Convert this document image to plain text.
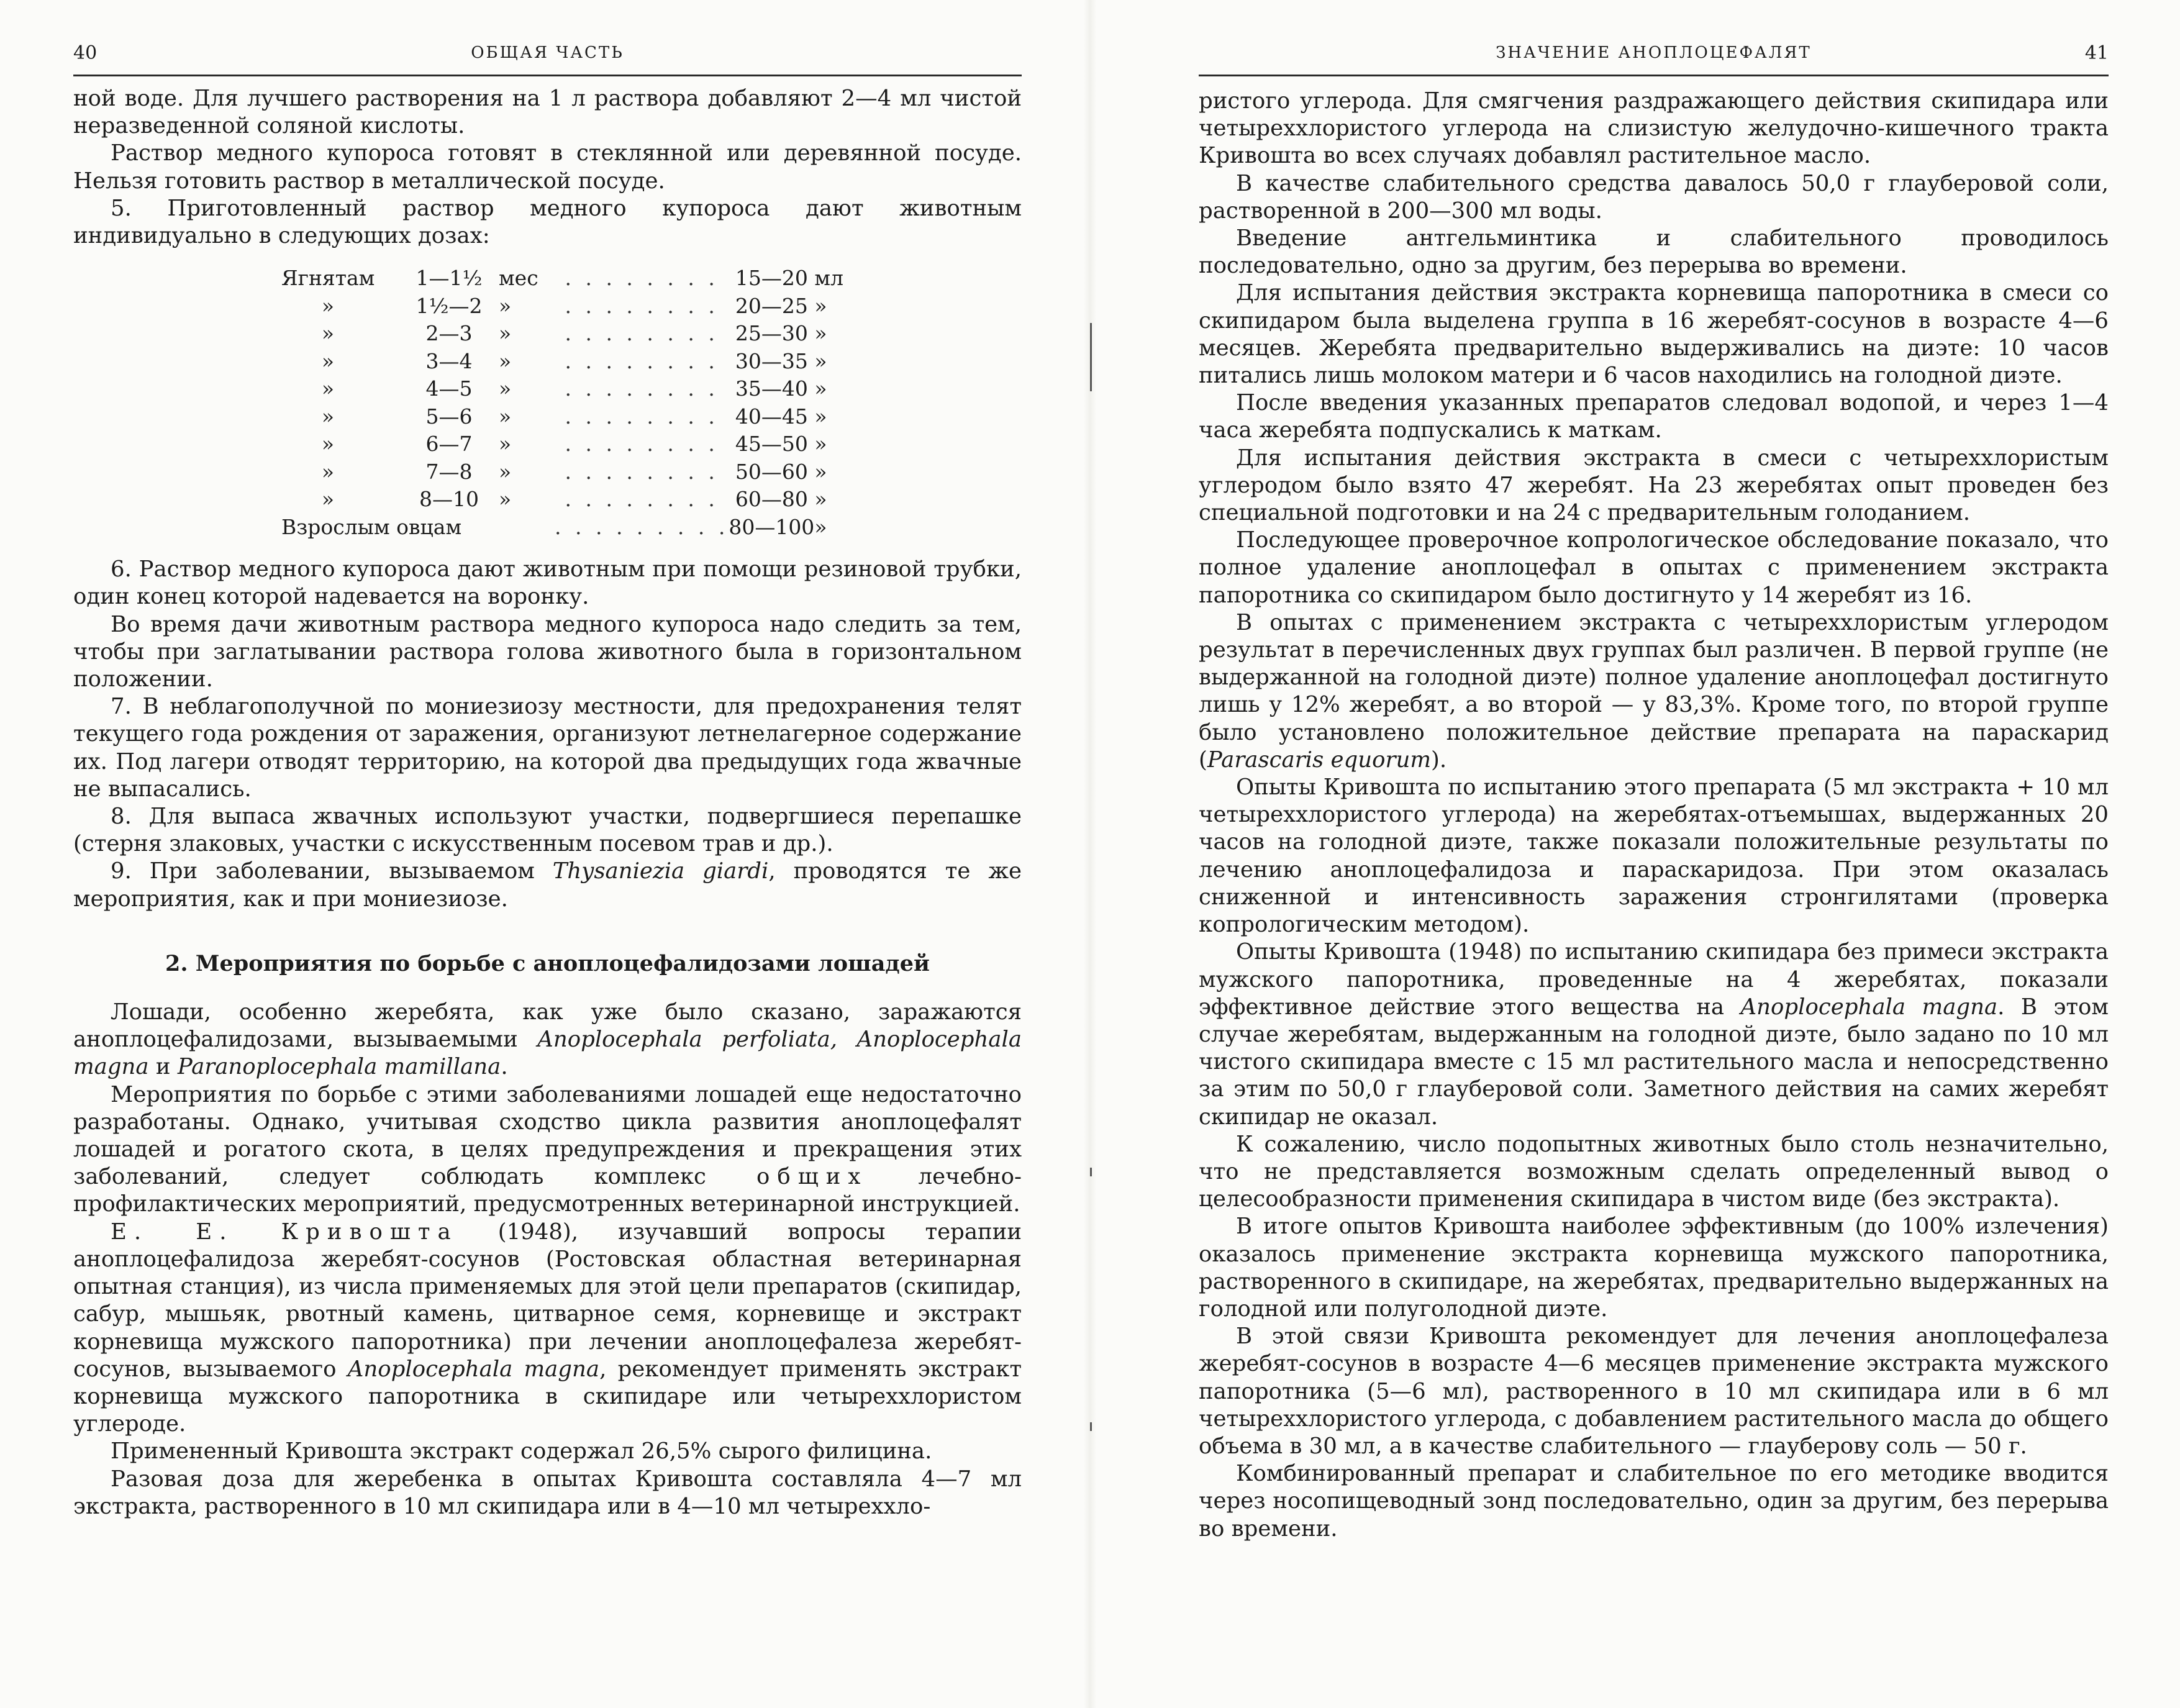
40	ОБЩАЯ ЧАСТЬ

ной воде. Для лучшего растворения на 1 л раствора добавляют 2—4 мл чистой неразведенной соляной кислоты.

Раствор медного купороса готовят в стеклянной или деревянной посуде. Нельзя готовить раствор в металлической посуде.

5. Приготовленный раствор медного купороса дают животным индивидуально в следующих дозах:

Ягнятам	1—1½	мес	. . . . . . . .	15—20	мл
»	1½—2	»	. . . . . . . .	20—25	»
»	2—3	»	. . . . . . . .	25—30	»
»	3—4	»	. . . . . . . .	30—35	»
»	4—5	»	. . . . . . . .	35—40	»
»	5—6	»	. . . . . . . .	40—45	»
»	6—7	»	. . . . . . . .	45—50	»
»	7—8	»	. . . . . . . .	50—60	»
»	8—10	»	. . . . . . . .	60—80	»
Взрослым овцам			. . . . . . . . .	80—100	»

6. Раствор медного купороса дают животным при помощи резиновой трубки, один конец которой надевается на воронку.

Во время дачи животным раствора медного купороса надо следить за тем, чтобы при заглатывании раствора голова животного была в горизонтальном положении.

7. В неблагополучной по мониезиозу местности, для предохранения телят текущего года рождения от заражения, организуют летнелагерное содержание их. Под лагери отводят территорию, на которой два предыдущих года жвачные не выпасались.

8. Для выпаса жвачных используют участки, подвергшиеся перепашке (стерня злаковых, участки с искусственным посевом трав и др.).

9. При заболевании, вызываемом Thysaniezia giardi, проводятся те же мероприятия, как и при мониезиозе.

2. Мероприятия по борьбе с аноплоцефалидозами лошадей

Лошади, особенно жеребята, как уже было сказано, заражаются аноплоцефалидозами, вызываемыми Anoplocephala perfoliata, Anoplocephala magna и Paranoplocephala mamillana.

Мероприятия по борьбе с этими заболеваниями лошадей еще недостаточно разработаны. Однако, учитывая сходство цикла развития аноплоцефалят лошадей и рогатого скота, в целях предупреждения и прекращения этих заболеваний, следует соблюдать комплекс общих лечебно-профилактических мероприятий, предусмотренных ветеринарной инструкцией.

Е. Е. Кривошта (1948), изучавший вопросы терапии аноплоцефалидоза жеребят-сосунов (Ростовская областная ветеринарная опытная станция), из числа применяемых для этой цели препаратов (скипидар, сабур, мышьяк, рвотный камень, цитварное семя, корневище и экстракт корневища мужского папоротника) при лечении аноплоцефалеза жеребят-сосунов, вызываемого Anoplocephala magna, рекомендует применять экстракт корневища мужского папоротника в скипидаре или четыреххлористом углероде.

Примененный Кривошта экстракт содержал 26,5% сырого филицина.

Разовая доза для жеребенка в опытах Кривошта составляла 4—7 мл экстракта, растворенного в 10 мл скипидара или в 4—10 мл четыреххло-

ЗНАЧЕНИЕ АНОПЛОЦЕФАЛЯТ	41

ристого углерода. Для смягчения раздражающего действия скипидара или четыреххлористого углерода на слизистую желудочно-кишечного тракта Кривошта во всех случаях добавлял растительное масло.

В качестве слабительного средства давалось 50,0 г глауберовой соли, растворенной в 200—300 мл воды.

Введение антгельминтика и слабительного проводилось последовательно, одно за другим, без перерыва во времени.

Для испытания действия экстракта корневища папоротника в смеси со скипидаром была выделена группа в 16 жеребят-сосунов в возрасте 4—6 месяцев. Жеребята предварительно выдерживались на диэте: 10 часов питались лишь молоком матери и 6 часов находились на голодной диэте.

После введения указанных препаратов следовал водопой, и через 1—4 часа жеребята подпускались к маткам.

Для испытания действия экстракта в смеси с четыреххлористым углеродом было взято 47 жеребят. На 23 жеребятах опыт проведен без специальной подготовки и на 24 с предварительным голоданием.

Последующее проверочное копрологическое обследование показало, что полное удаление аноплоцефал в опытах с применением экстракта папоротника со скипидаром было достигнуто у 14 жеребят из 16.

В опытах с применением экстракта с четыреххлористым углеродом результат в перечисленных двух группах был различен. В первой группе (не выдержанной на голодной диэте) полное удаление аноплоцефал достигнуто лишь у 12% жеребят, а во второй — у 83,3%. Кроме того, по второй группе было установлено положительное действие препарата на параскарид (Parascaris equorum).

Опыты Кривошта по испытанию этого препарата (5 мл экстракта + 10 мл четыреххлористого углерода) на жеребятах-отъемышах, выдержанных 20 часов на голодной диэте, также показали положительные результаты по лечению аноплоцефалидоза и параскаридоза. При этом оказалась сниженной и интенсивность заражения стронгилятами (проверка копрологическим методом).

Опыты Кривошта (1948) по испытанию скипидара без примеси экстракта мужского папоротника, проведенные на 4 жеребятах, показали эффективное действие этого вещества на Anoplocephala magna. В этом случае жеребятам, выдержанным на голодной диэте, было задано по 10 мл чистого скипидара вместе с 15 мл растительного масла и непосредственно за этим по 50,0 г глауберовой соли. Заметного действия на самих жеребят скипидар не оказал.

К сожалению, число подопытных животных было столь незначительно, что не представляется возможным сделать определенный вывод о целесообразности применения скипидара в чистом виде (без экстракта).

В итоге опытов Кривошта наиболее эффективным (до 100% излечения) оказалось применение экстракта корневища мужского папоротника, растворенного в скипидаре, на жеребятах, предварительно выдержанных на голодной или полуголодной диэте.

В этой связи Кривошта рекомендует для лечения аноплоцефалеза жеребят-сосунов в возрасте 4—6 месяцев применение экстракта мужского папоротника (5—6 мл), растворенного в 10 мл скипидара или в 6 мл четыреххлористого углерода, с добавлением растительного масла до общего объема в 30 мл, а в качестве слабительного — глауберову соль — 50 г.

Комбинированный препарат и слабительное по его методике вводится через носопищеводный зонд последовательно, один за другим, без перерыва во времени.
